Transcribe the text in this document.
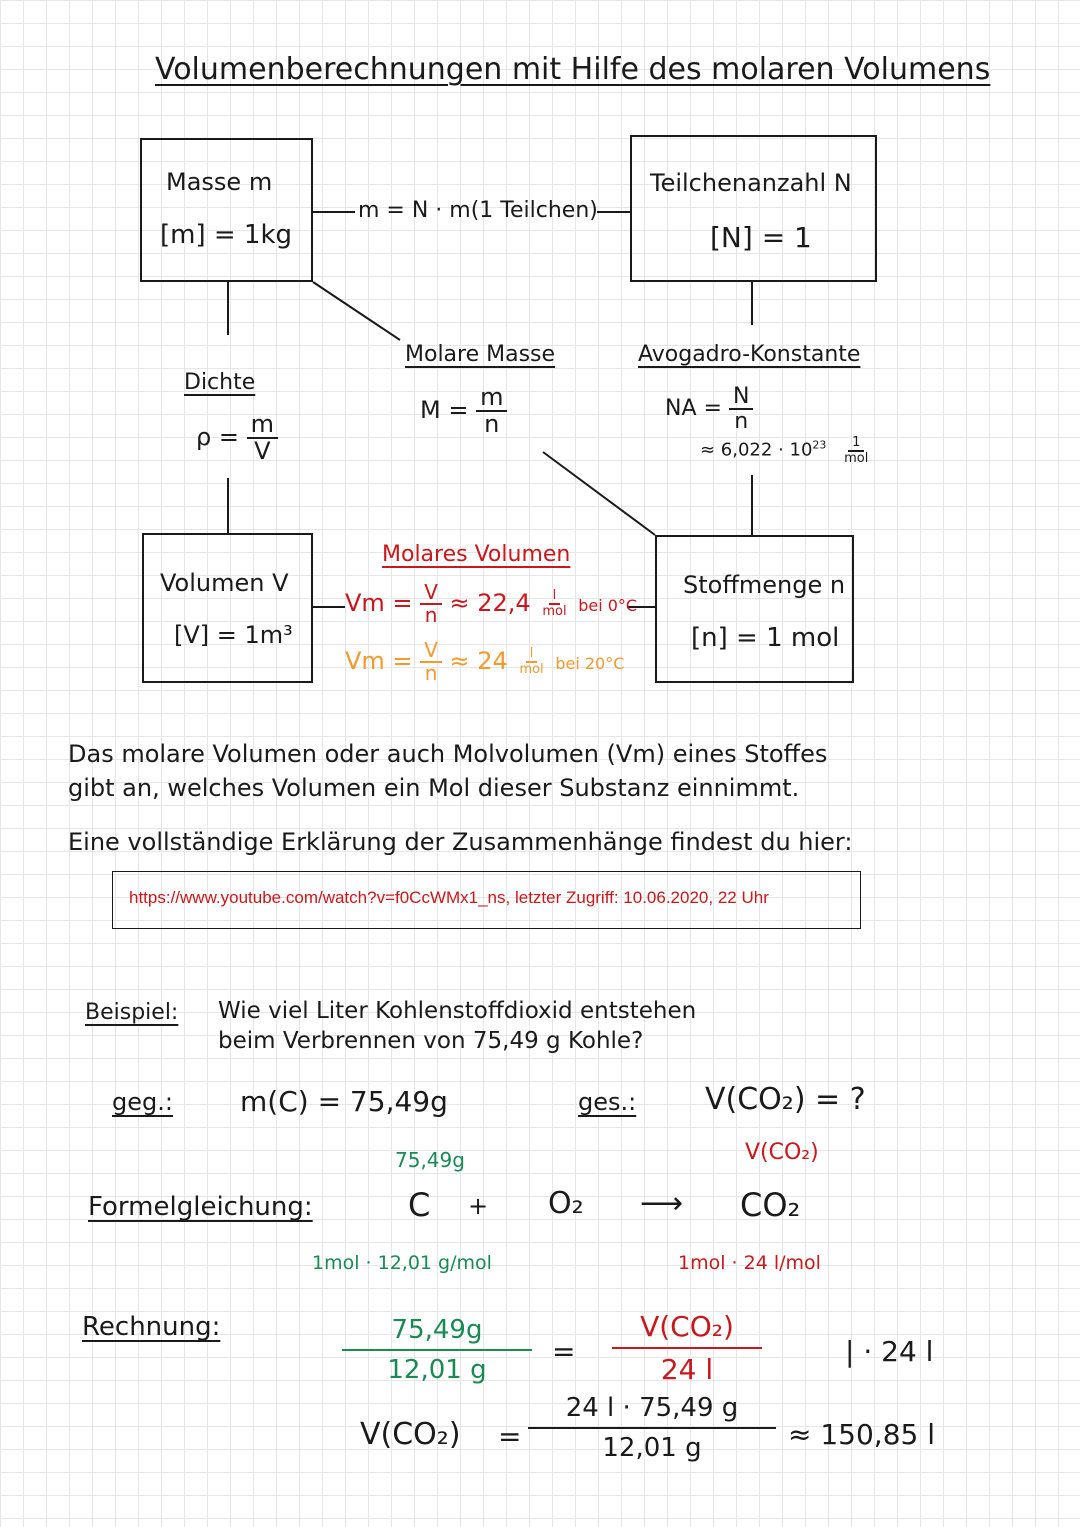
Volumenberechnungen mit Hilfe des molaren Volumens
Masse m
[m] = 1kg
Teilchenanzahl N
[N] = 1
Volumen V
[V] = 1m³
Stoffmenge n
[n] = 1 mol
m = N · m(1 Teilchen)
Dichte
$\rho = \frac{m}{V}$
Molare Masse
$M = \frac{m}{n}$
Avogadro-Konstante
NA = $\frac{N}{n}$
≈ $6,022 \cdot 10^{23} \frac{1}{\text{mol}}$
Molares Volumen
$Vm = \frac{V}{n} \approx 22,4 \frac{l}{\text{mol}}$ bei 0°C
$Vm = \frac{V}{n} \approx 24 \frac{l}{\text{mol}}$ bei 20°C
Das molare Volumen oder auch Molvolumen (Vm) eines Stoffes
gibt an, welches Volumen ein Mol dieser Substanz einnimmt.
Eine vollständige Erklärung der Zusammenhänge findest du hier:
https://www.youtube.com/watch?v=f0CcWMx1_ns, letzter Zugriff: 10.06.2020, 22 Uhr
Beispiel: Wie viel Liter Kohlenstoffdioxid entstehen
beim Verbrennen von 75,49 g Kohle?
geg.: m(C) = 75,49g	ges.: V(CO₂) = ?
75,49g	V(CO₂)
Formelgleichung:	C + O₂ ⟶ CO₂
1mol · 12,01 g/mol	1mol · 24 l/mol
Rechnung:	75,49g
12,01 g
=
V(CO₂)
24 l
| · 24 l
V(CO₂) =
24 l · 75,49 g
12,01 g	≈ 150,85 l
